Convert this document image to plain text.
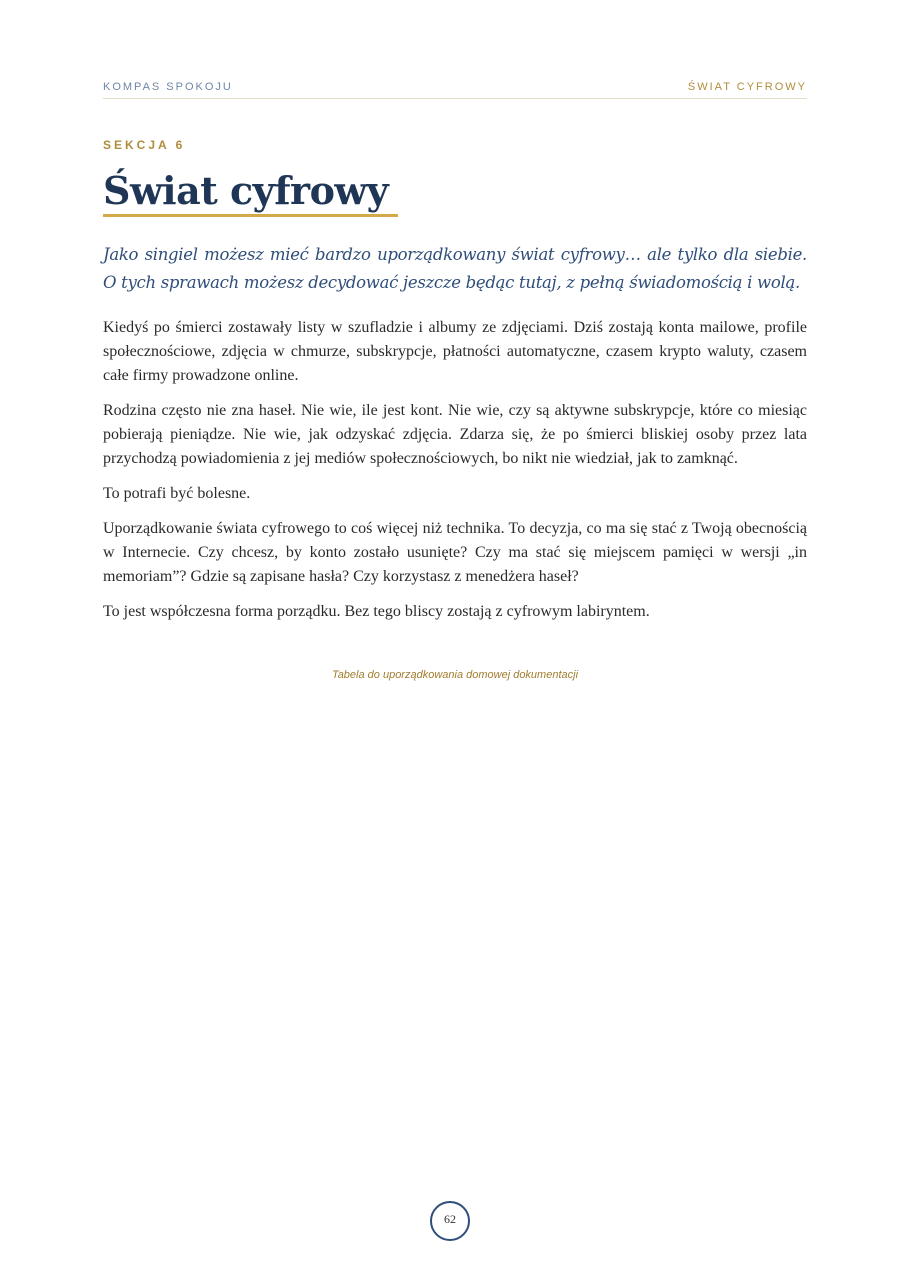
KOMPAS SPOKOJU	ŚWIAT CYFROWY
SEKCJA 6
Świat cyfrowy

Jako singiel możesz mieć bardzo uporządkowany świat cyfrowy… ale tylko dla siebie. O tych sprawach możesz decydować jeszcze będąc tutaj, z pełną świadomością i wolą.

Kiedyś po śmierci zostawały listy w szufladzie i albumy ze zdjęciami. Dziś zostają konta mailowe, profile społecznościowe, zdjęcia w chmurze, subskrypcje, płatności automatyczne, czasem krypto waluty, czasem całe firmy prowadzone online.

Rodzina często nie zna haseł. Nie wie, ile jest kont. Nie wie, czy są aktywne subskrypcje, które co miesiąc pobierają pieniądze. Nie wie, jak odzyskać zdjęcia. Zdarza się, że po śmierci bliskiej osoby przez lata przychodzą powiadomienia z jej mediów społecznościowych, bo nikt nie wiedział, jak to zamknąć.

To potrafi być bolesne.

Uporządkowanie świata cyfrowego to coś więcej niż technika. To decyzja, co ma się stać z Twoją obecnością w Internecie. Czy chcesz, by konto zostało usunięte? Czy ma stać się miejscem pamięci w wersji „in memoriam”? Gdzie są zapisane hasła? Czy korzystasz z menedżera haseł?

To jest współczesna forma porządku. Bez tego bliscy zostają z cyfrowym labiryntem.

Tabela do uporządkowania domowej dokumentacji
62
